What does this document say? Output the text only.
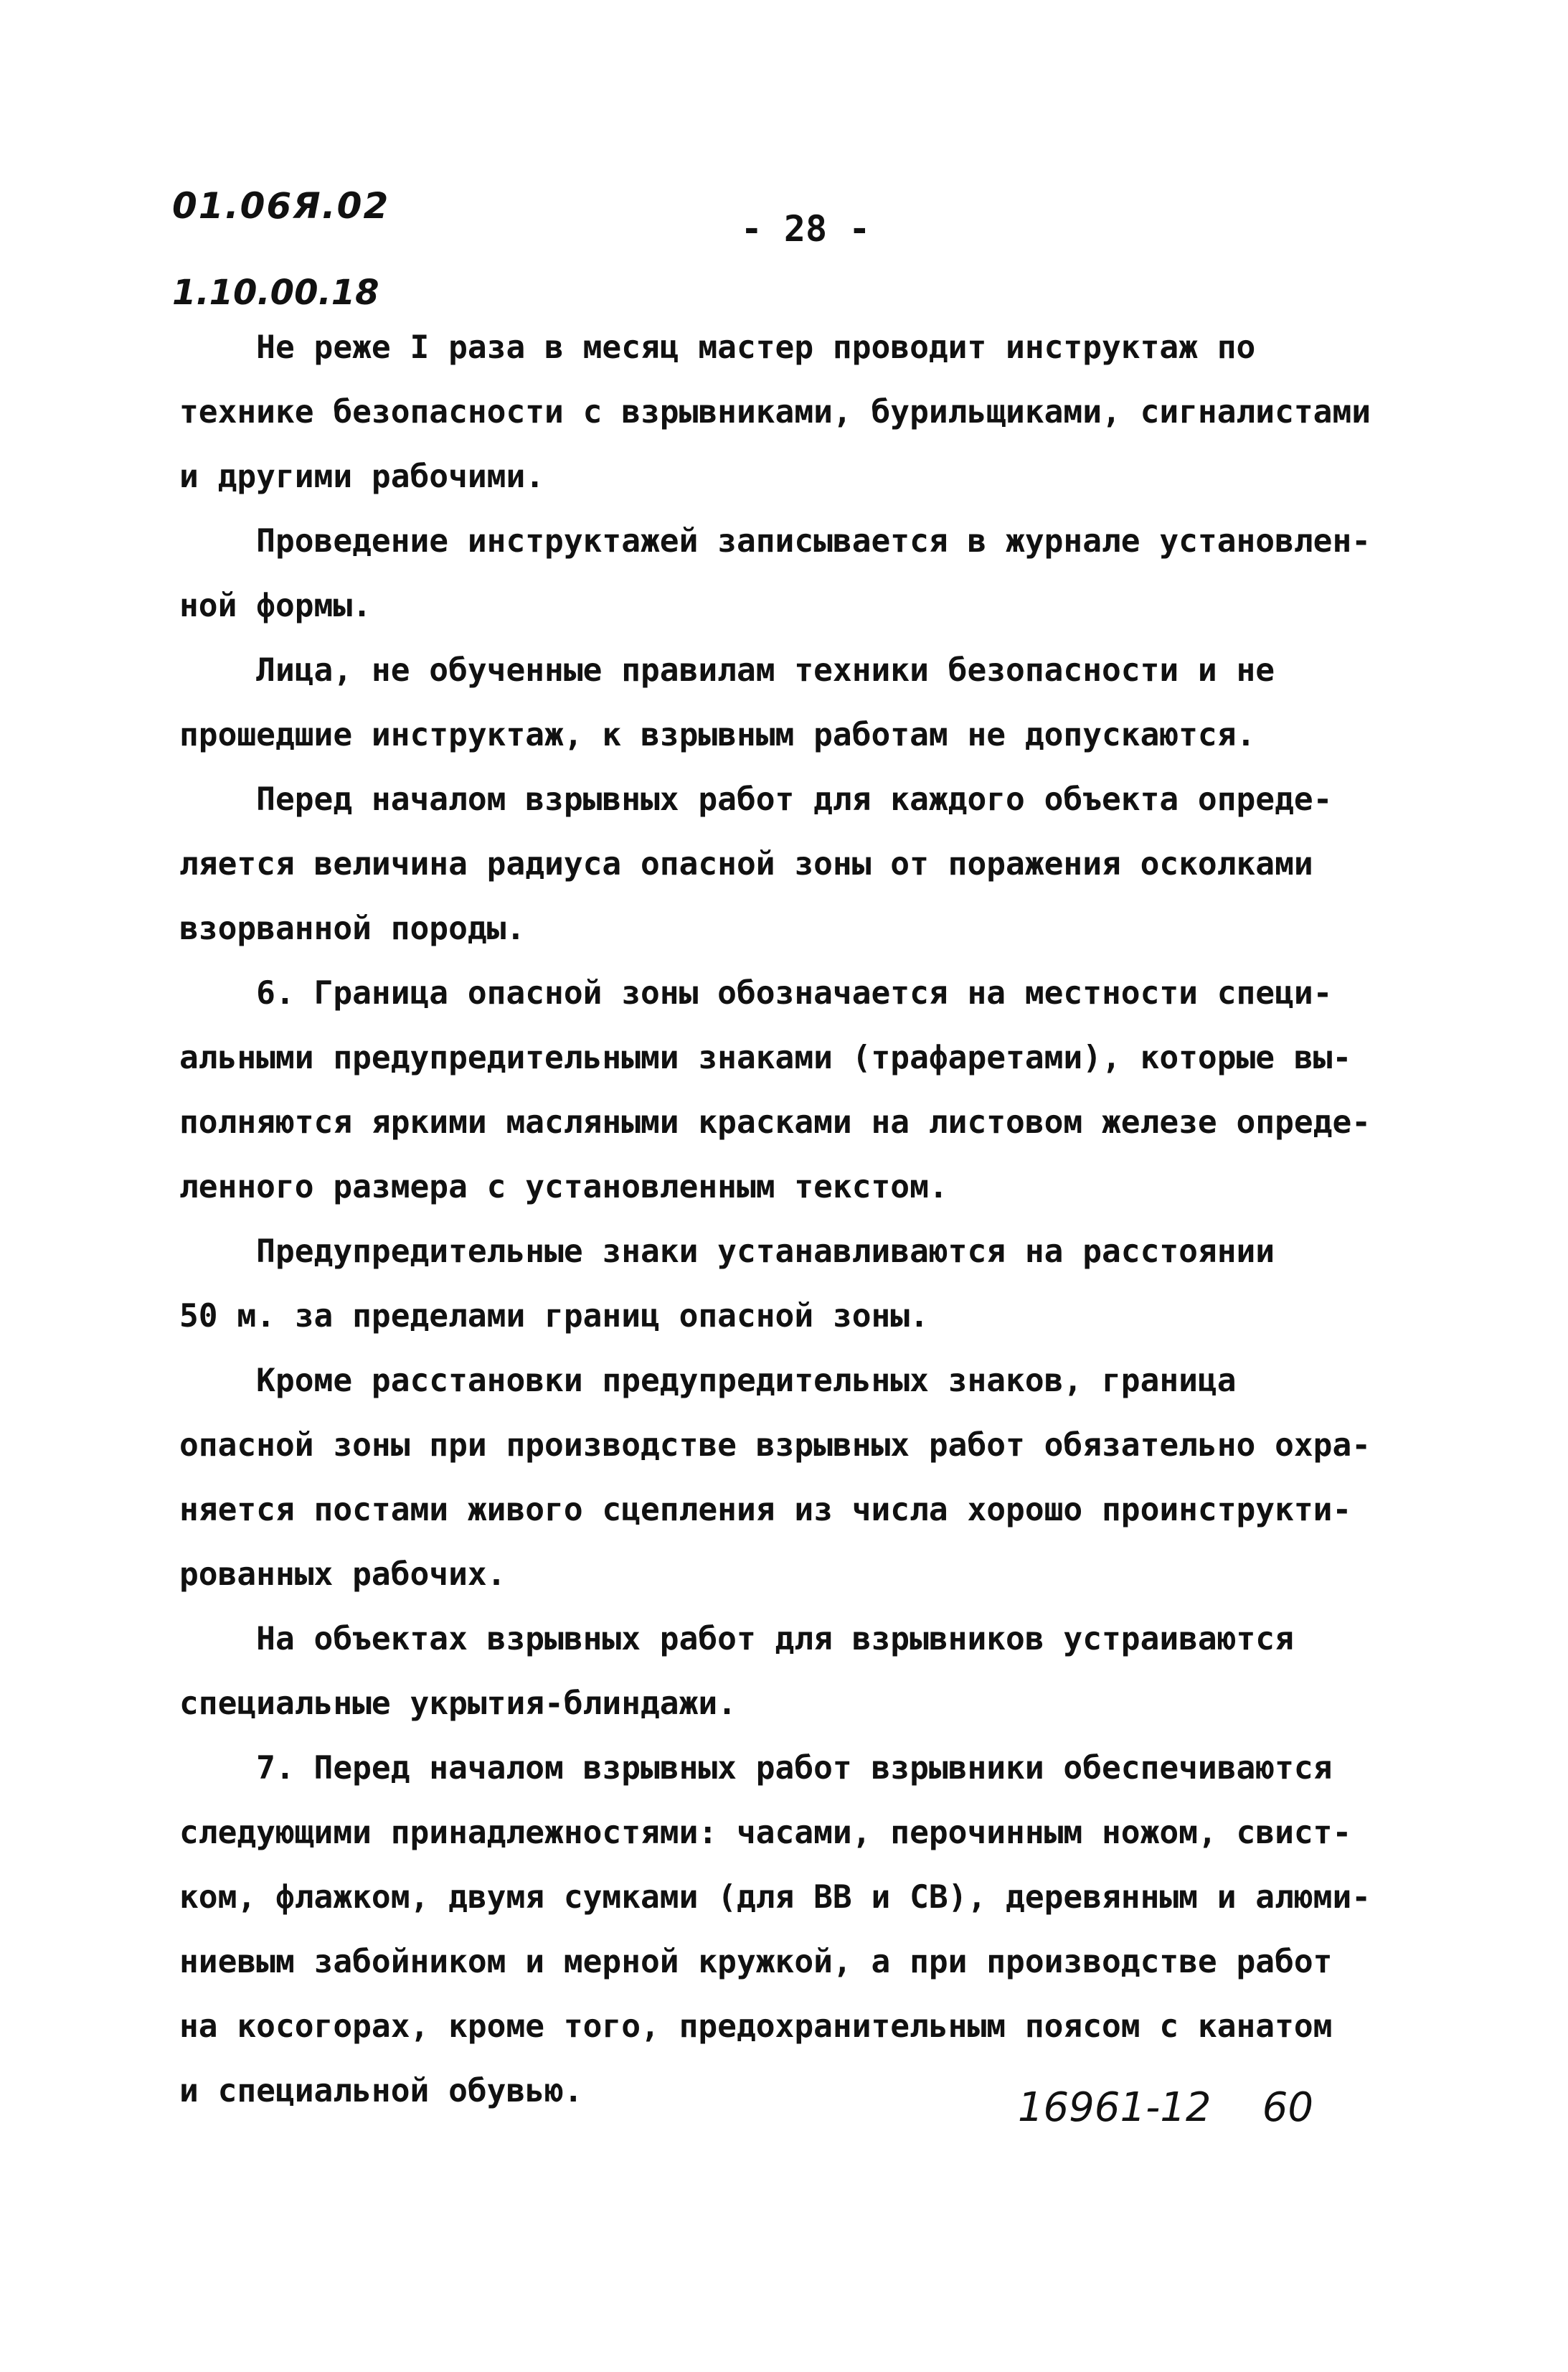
01.06Я.02
- 28 -
1.10.00.18
Не реже I раза в месяц мастер проводит инструктаж по
технике безопасности с взрывниками, бурильщиками, сигналистами
и другими рабочими.
Проведение инструктажей записывается в журнале установлен-
ной формы.
Лица, не обученные правилам техники безопасности и не
прошедшие инструктаж, к взрывным работам не допускаются.
Перед началом взрывных работ для каждого объекта опреде-
ляется величина радиуса опасной зоны от поражения осколками
взорванной породы.
6. Граница опасной зоны обозначается на местности специ-
альными предупредительными знаками (трафаретами), которые вы-
полняются яркими масляными красками на листовом железе опреде-
ленного размера с установленным текстом.
Предупредительные знаки устанавливаются на расстоянии
50 м. за пределами границ опасной зоны.
Кроме расстановки предупредительных знаков, граница
опасной зоны при производстве взрывных работ обязательно охра-
няется постами живого сцепления из числа хорошо проинструкти-
рованных рабочих.
На объектах взрывных работ для взрывников устраиваются
специальные укрытия-блиндажи.
7. Перед началом взрывных работ взрывники обеспечиваются
следующими принадлежностями: часами, перочинным ножом, свист-
ком, флажком, двумя сумками (для ВВ и СВ), деревянным и алюми-
ниевым забойником и мерной кружкой, а при производстве работ
на косогорах, кроме того, предохранительным поясом с канатом
и специальной обувью.	16961-12    60
